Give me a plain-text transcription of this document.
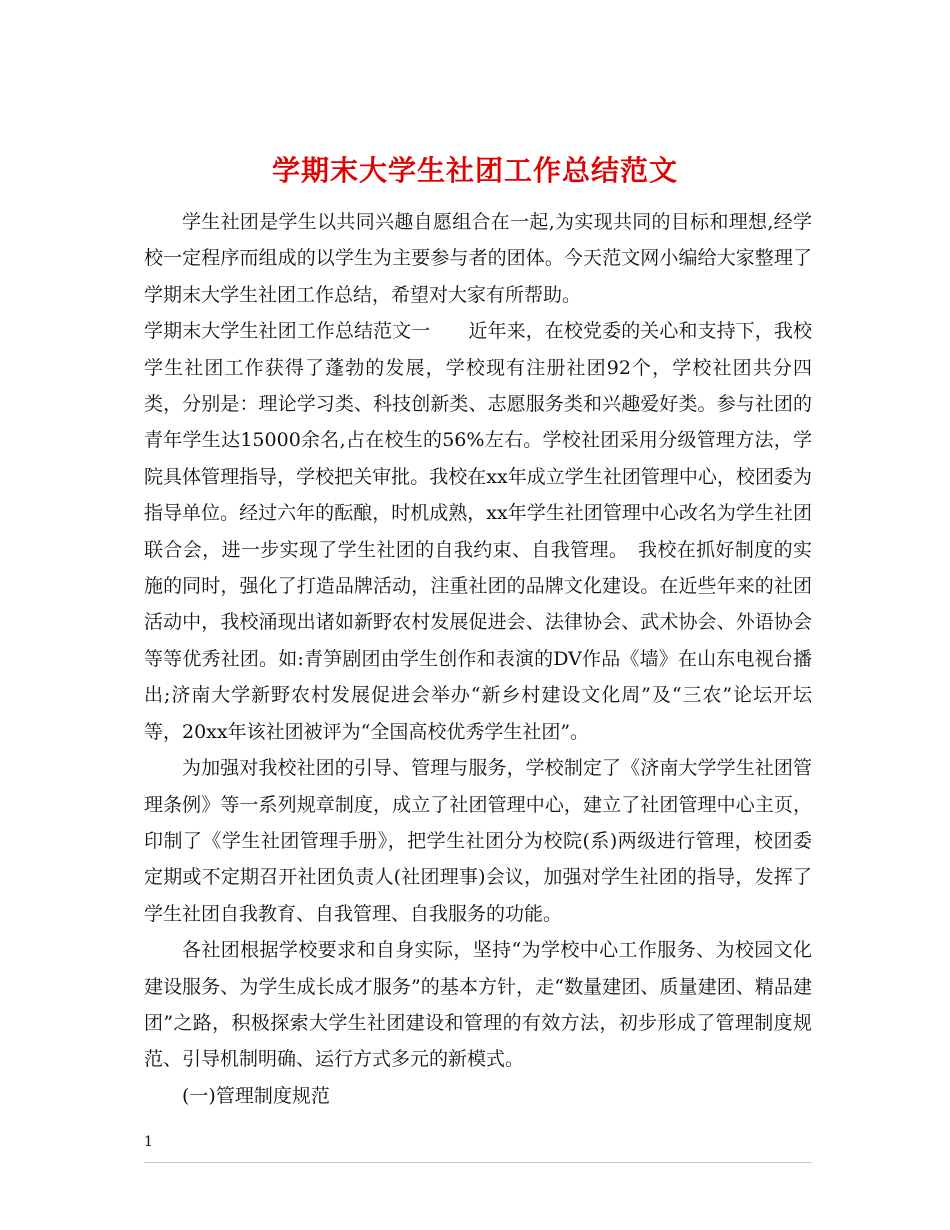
学期末大学生社团工作总结范文

学生社团是学生以共同兴趣自愿组合在一起,为实现共同的目标和理想,经学校一定程序而组成的以学生为主要参与者的团体。今天范文网小编给大家整理了学期末大学生社团工作总结，希望对大家有所帮助。

学期末大学生社团工作总结范文一　　近年来，在校党委的关心和支持下，我校学生社团工作获得了蓬勃的发展，学校现有注册社团92个，学校社团共分四类，分别是：理论学习类、科技创新类、志愿服务类和兴趣爱好类。参与社团的青年学生达15000余名,占在校生的56%左右。学校社团采用分级管理方法，学院具体管理指导，学校把关审批。我校在xx年成立学生社团管理中心，校团委为指导单位。经过六年的酝酿，时机成熟，xx年学生社团管理中心改名为学生社团联合会，进一步实现了学生社团的自我约束、自我管理。　我校在抓好制度的实施的同时，强化了打造品牌活动，注重社团的品牌文化建设。在近些年来的社团活动中，我校涌现出诸如新野农村发展促进会、法律协会、武术协会、外语协会等等优秀社团。如:青笋剧团由学生创作和表演的DV作品《墙》在山东电视台播出;济南大学新野农村发展促进会举办“新乡村建设文化周”及“三农”论坛开坛等，20xx年该社团被评为“全国高校优秀学生社团”。

为加强对我校社团的引导、管理与服务，学校制定了《济南大学学生社团管理条例》等一系列规章制度，成立了社团管理中心，建立了社团管理中心主页，印制了《学生社团管理手册》，把学生社团分为校院(系)两级进行管理，校团委定期或不定期召开社团负责人(社团理事)会议，加强对学生社团的指导，发挥了学生社团自我教育、自我管理、自我服务的功能。

各社团根据学校要求和自身实际，坚持“为学校中心工作服务、为校园文化建设服务、为学生成长成才服务”的基本方针，走“数量建团、质量建团、精品建团”之路，积极探索大学生社团建设和管理的有效方法，初步形成了管理制度规范、引导机制明确、运行方式多元的新模式。

(一)管理制度规范

1
